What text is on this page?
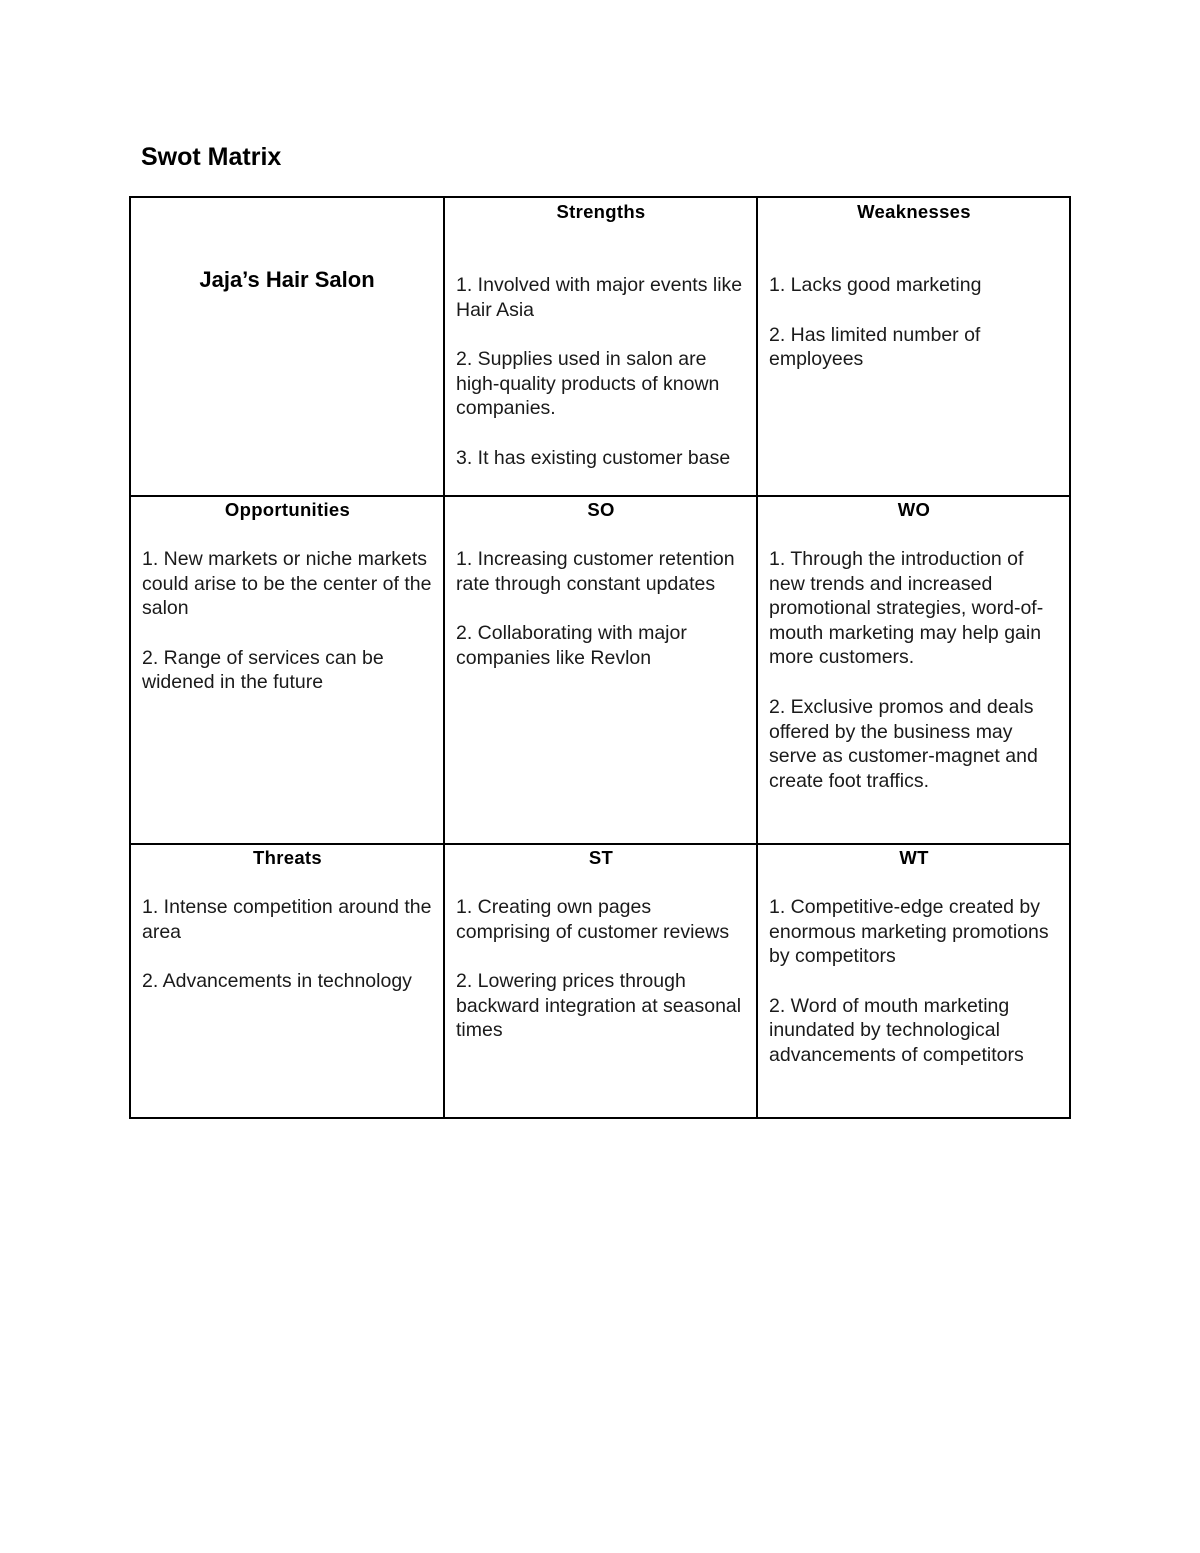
Swot Matrix
Jaja’s Hair Salon
Strengths

1. Involved with major events like Hair Asia

2. Supplies used in salon are high-quality products of known companies.

3. It has existing customer base

Weaknesses

1. Lacks good marketing

2. Has limited number of employees

Opportunities

1. New markets or niche markets could arise to be the center of the salon

2. Range of services can be widened in the future

SO

1. Increasing customer retention rate through constant updates

2. Collaborating with major companies like Revlon

WO

1. Through the introduction of new trends and increased promotional strategies, word-of-mouth marketing may help gain more customers.

2. Exclusive promos and deals offered by the business may serve as customer-magnet and create foot traffics.

Threats

1. Intense competition around the area

2. Advancements in technology

ST

1. Creating own pages comprising of customer reviews

2. Lowering prices through backward integration at seasonal times

WT

1. Competitive-edge created by enormous marketing promotions by competitors

2. Word of mouth marketing inundated by technological advancements of competitors
